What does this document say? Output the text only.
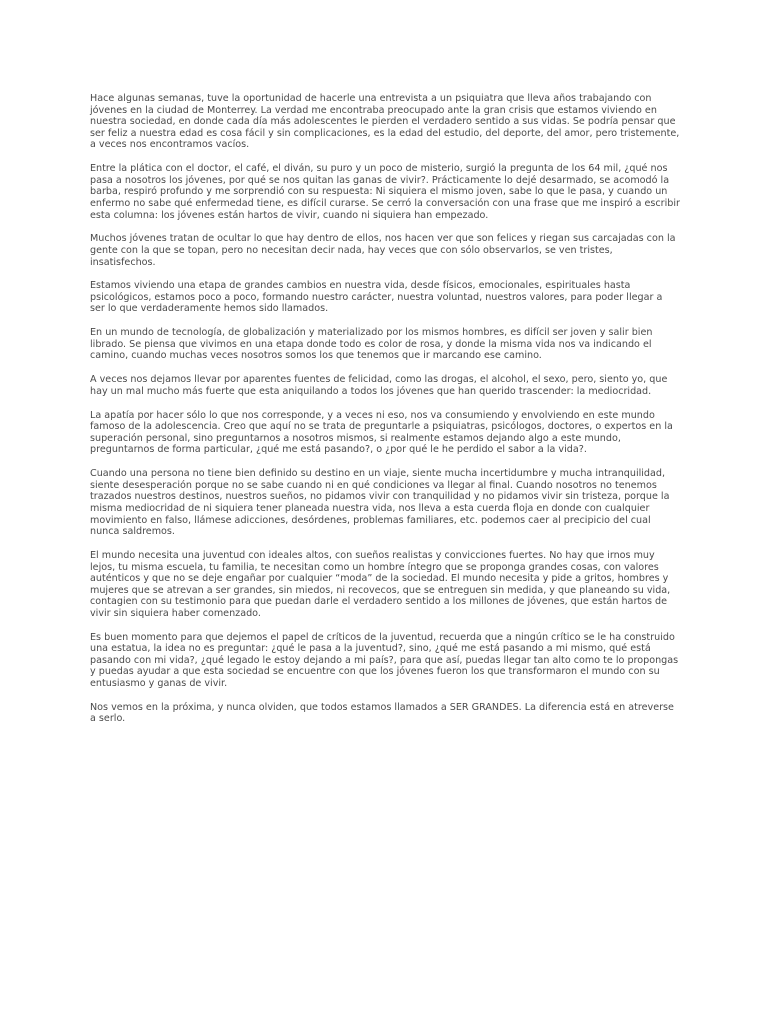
Hace algunas semanas, tuve la oportunidad de hacerle una entrevista a un psiquiatra que lleva años trabajando con jóvenes en la ciudad de Monterrey. La verdad me encontraba preocupado ante la gran crisis que estamos viviendo en nuestra sociedad, en donde cada día más adolescentes le pierden el verdadero sentido a sus vidas. Se podría pensar que ser feliz a nuestra edad es cosa fácil y sin complicaciones, es la edad del estudio, del deporte, del amor, pero tristemente, a veces nos encontramos vacíos.

Entre la plática con el doctor, el café, el diván, su puro y un poco de misterio, surgió la pregunta de los 64 mil, ¿qué nos pasa a nosotros los jóvenes, por qué se nos quitan las ganas de vivir?. Prácticamente lo dejé desarmado, se acomodó la barba, respiró profundo y me sorprendió con su respuesta: Ni siquiera el mismo joven, sabe lo que le pasa, y cuando un enfermo no sabe qué enfermedad tiene, es difícil curarse. Se cerró la conversación con una frase que me inspiró a escribir esta columna: los jóvenes están hartos de vivir, cuando ni siquiera han empezado.

Muchos jóvenes tratan de ocultar lo que hay dentro de ellos, nos hacen ver que son felices y riegan sus carcajadas con la gente con la que se topan, pero no necesitan decir nada, hay veces que con sólo observarlos, se ven tristes, insatisfechos.

Estamos viviendo una etapa de grandes cambios en nuestra vida, desde físicos, emocionales, espirituales hasta psicológicos, estamos poco a poco, formando nuestro carácter, nuestra voluntad, nuestros valores, para poder llegar a ser lo que verdaderamente hemos sido llamados.

En un mundo de tecnología, de globalización y materializado por los mismos hombres, es difícil ser joven y salir bien librado. Se piensa que vivimos en una etapa donde todo es color de rosa, y donde la misma vida nos va indicando el camino, cuando muchas veces nosotros somos los que tenemos que ir marcando ese camino.

A veces nos dejamos llevar por aparentes fuentes de felicidad, como las drogas, el alcohol, el sexo, pero, siento yo, que hay un mal mucho más fuerte que esta aniquilando a todos los jóvenes que han querido trascender: la mediocridad.

La apatía por hacer sólo lo que nos corresponde, y a veces ni eso, nos va consumiendo y envolviendo en este mundo famoso de la adolescencia. Creo que aquí no se trata de preguntarle a psiquiatras, psicólogos, doctores, o expertos en la superación personal, sino preguntarnos a nosotros mismos, si realmente estamos dejando algo a este mundo, preguntarnos de forma particular, ¿qué me está pasando?, o ¿por qué le he perdido el sabor a la vida?.

Cuando una persona no tiene bien definido su destino en un viaje, siente mucha incertidumbre y mucha intranquilidad, siente desesperación porque no se sabe cuando ni en qué condiciones va llegar al final. Cuando nosotros no tenemos trazados nuestros destinos, nuestros sueños, no pidamos vivir con tranquilidad y no pidamos vivir sin tristeza, porque la misma mediocridad de ni siquiera tener planeada nuestra vida, nos lleva a esta cuerda floja en donde con cualquier movimiento en falso, llámese adicciones, desórdenes, problemas familiares, etc. podemos caer al precipicio del cual nunca saldremos.

El mundo necesita una juventud con ideales altos, con sueños realistas y convicciones fuertes. No hay que irnos muy lejos, tu misma escuela, tu familia, te necesitan como un hombre íntegro que se proponga grandes cosas, con valores auténticos y que no se deje engañar por cualquier “moda” de la sociedad. El mundo necesita y pide a gritos, hombres y mujeres que se atrevan a ser grandes, sin miedos, ni recovecos, que se entreguen sin medida, y que planeando su vida, contagien con su testimonio para que puedan darle el verdadero sentido a los millones de jóvenes, que están hartos de vivir sin siquiera haber comenzado.

Es buen momento para que dejemos el papel de críticos de la juventud, recuerda que a ningún crítico se le ha construido una estatua, la idea no es preguntar: ¿qué le pasa a la juventud?, sino, ¿qué me está pasando a mi mismo, qué está pasando con mi vida?, ¿qué legado le estoy dejando a mi país?, para que así, puedas llegar tan alto como te lo propongas y puedas ayudar a que esta sociedad se encuentre con que los jóvenes fueron los que transformaron el mundo con su entusiasmo y ganas de vivir.

Nos vemos en la próxima, y nunca olviden, que todos estamos llamados a SER GRANDES. La diferencia está en atreverse a serlo.
